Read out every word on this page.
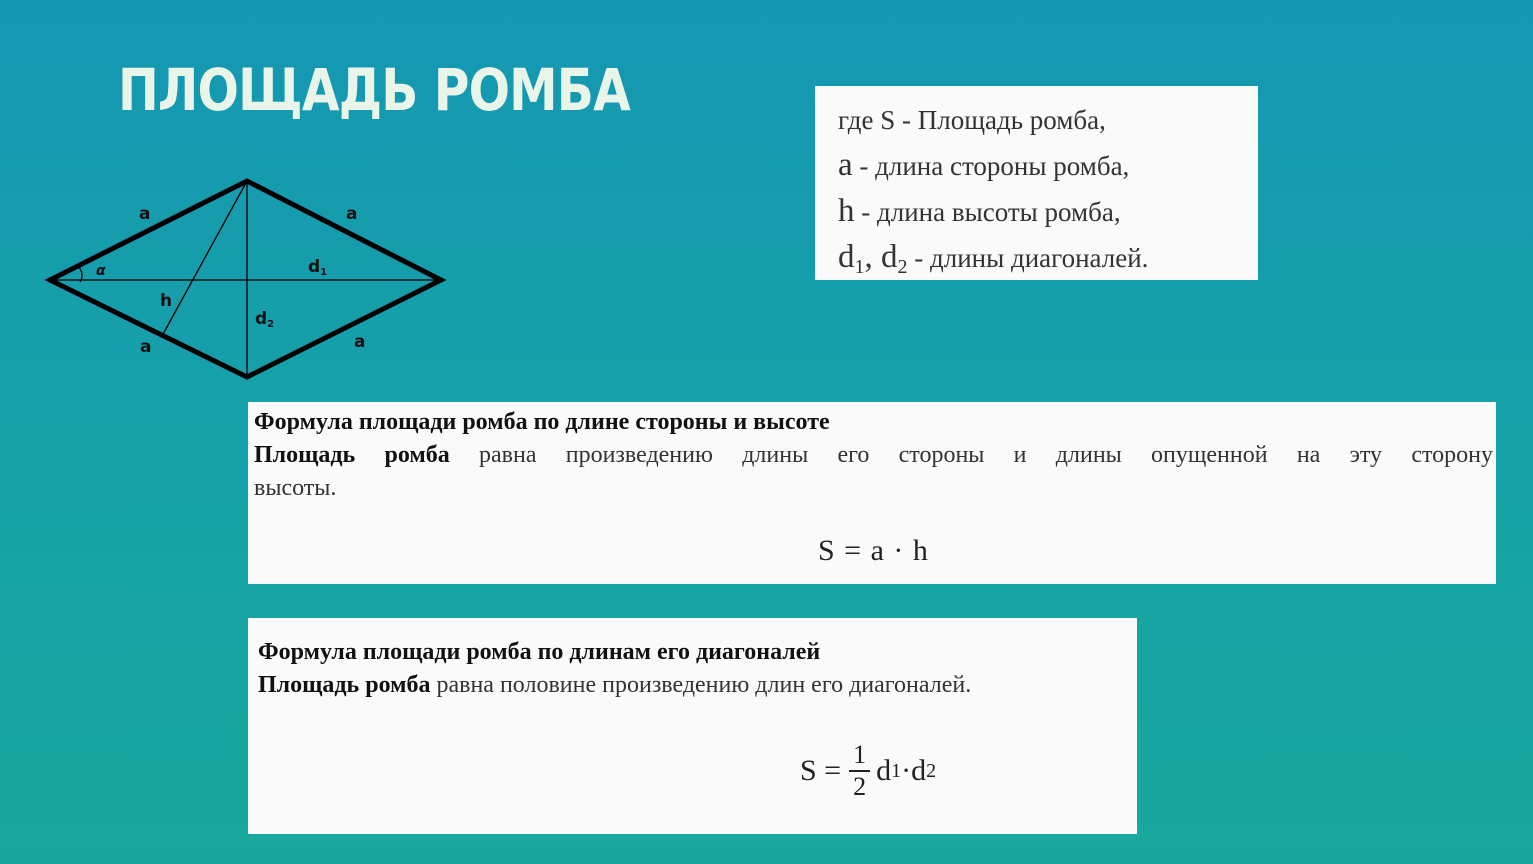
ПЛОЩАДЬ РОМБА
a	a
a	a
α
h
d1
d2
где S - Площадь ромба,
a - длина стороны ромба,
h - длина высоты ромба,
$d_1$, $d_2$ - длины диагоналей.
Формула площади ромба по длине стороны и высоте
Площадь ромба равна произведению длины его стороны и длины опущенной на эту сторону
высоты.
S = a · h
Формула площади ромба по длинам его диагоналей
Площадь ромба равна половине произведению длин его диагоналей.
$S = \frac{1}{2}$ d 1 · d 2
